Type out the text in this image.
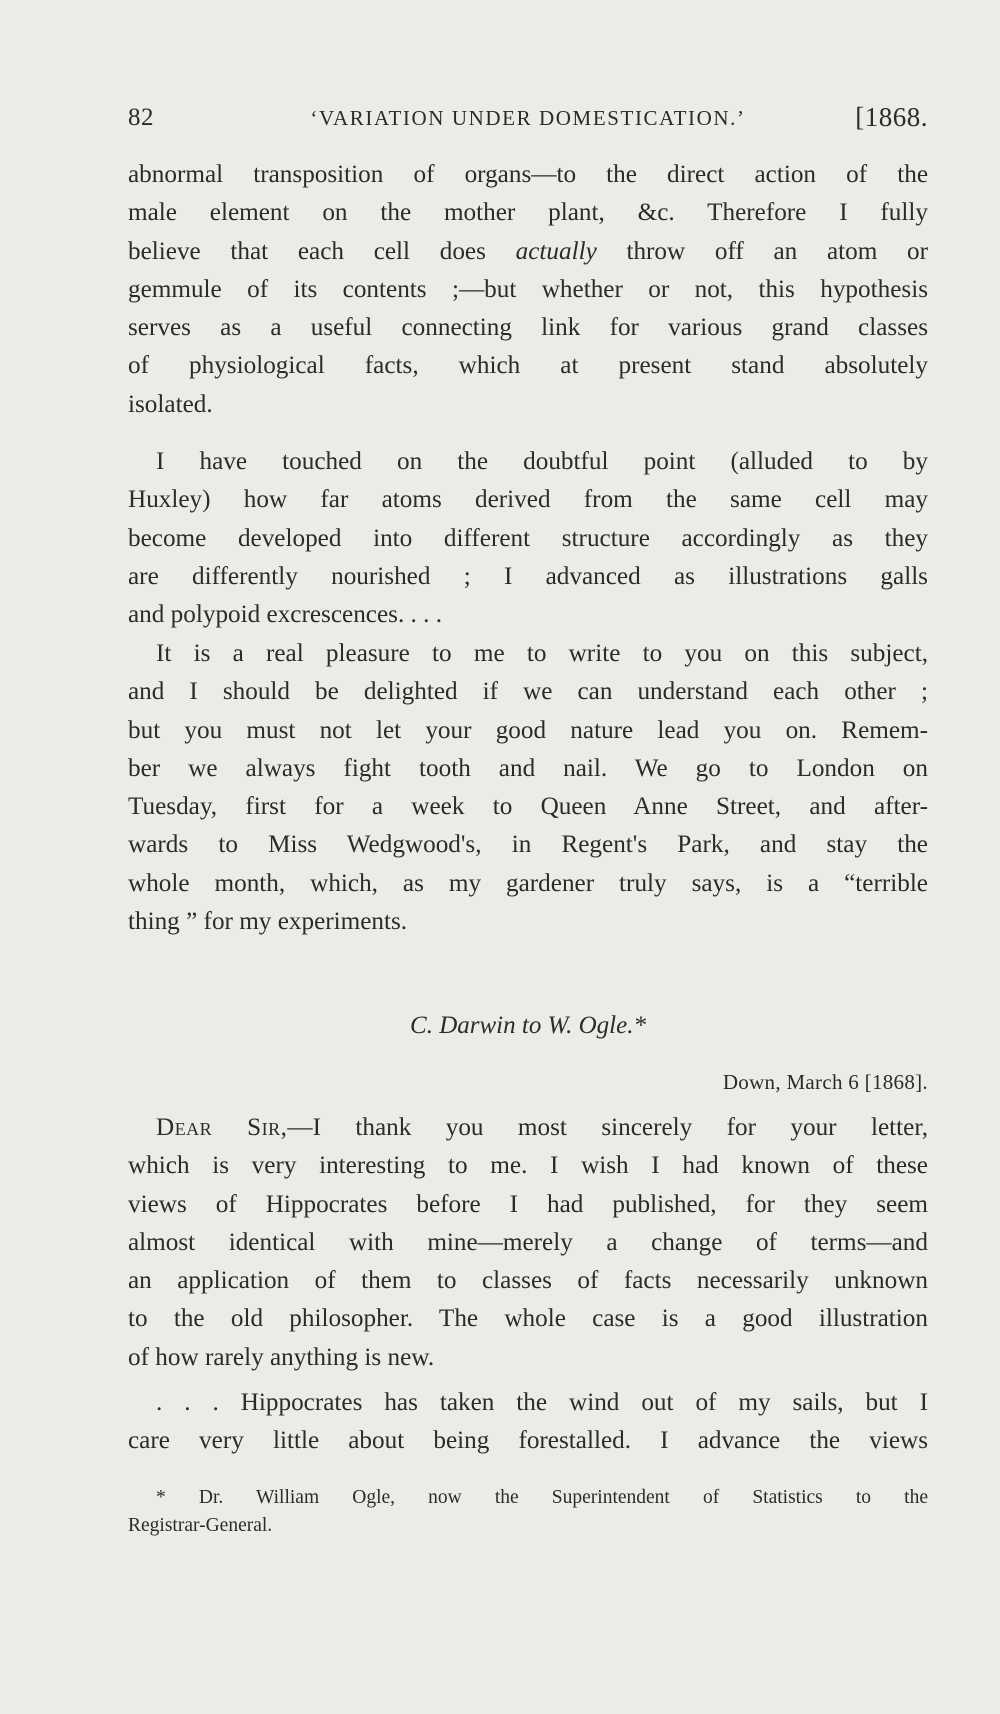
82	‘VARIATION UNDER DOMESTICATION.’	[1868.

abnormal transposition of organs—to the direct action of the
male element on the mother plant, &c. Therefore I fully
believe that each cell does actually throw off an atom or
gemmule of its contents ;—but whether or not, this hypothesis
serves as a useful connecting link for various grand classes
of physiological facts, which at present stand absolutely
isolated.

I have touched on the doubtful point (alluded to by
Huxley) how far atoms derived from the same cell may
become developed into different structure accordingly as they
are differently nourished ; I advanced as illustrations galls
and polypoid excrescences. . . .

It is a real pleasure to me to write to you on this subject,
and I should be delighted if we can understand each other ;
but you must not let your good nature lead you on. Remem-
ber we always fight tooth and nail. We go to London on
Tuesday, first for a week to Queen Anne Street, and after-
wards to Miss Wedgwood's, in Regent's Park, and stay the
whole month, which, as my gardener truly says, is a “terrible
thing ” for my experiments.

C. Darwin to W. Ogle.*
Down, March 6 [1868].

Dear Sir,—I thank you most sincerely for your letter,
which is very interesting to me. I wish I had known of these
views of Hippocrates before I had published, for they seem
almost identical with mine—merely a change of terms—and
an application of them to classes of facts necessarily unknown
to the old philosopher. The whole case is a good illustration
of how rarely anything is new.

. . . Hippocrates has taken the wind out of my sails, but I
care very little about being forestalled. I advance the views

* Dr. William Ogle, now the Superintendent of Statistics to the
Registrar-General.
